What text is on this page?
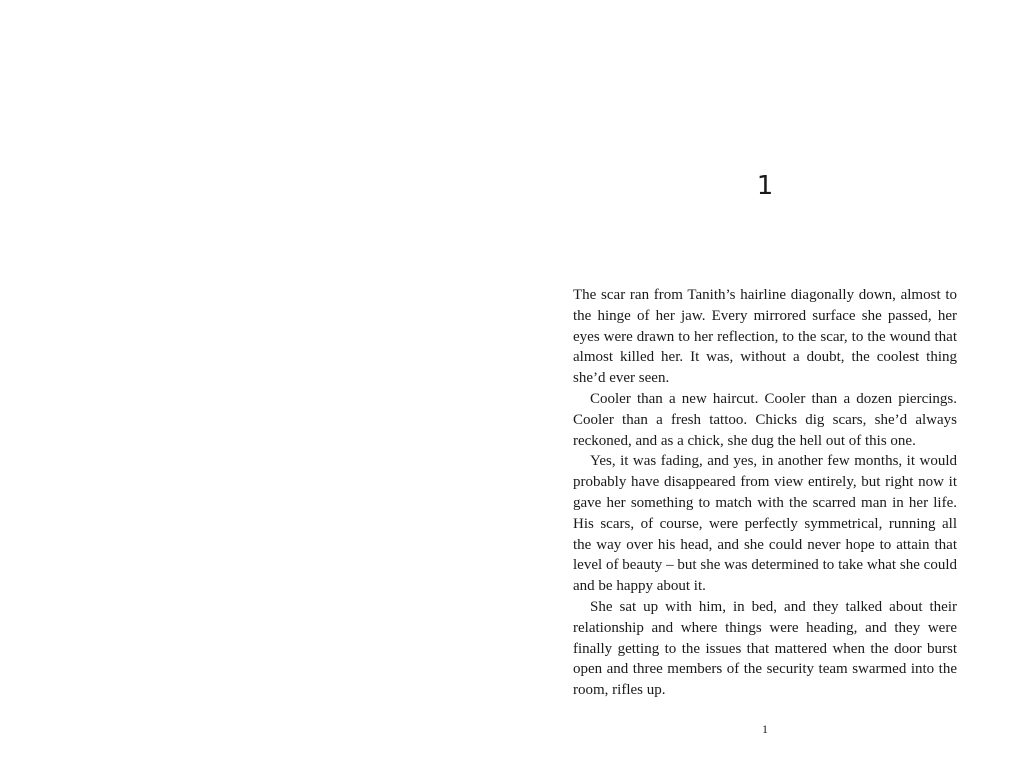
1

The scar ran from Tanith’s hairline diagonally down, almost to the hinge of her jaw. Every mirrored surface she passed, her eyes were drawn to her reflection, to the scar, to the wound that almost killed her. It was, without a doubt, the coolest thing she’d ever seen.

Cooler than a new haircut. Cooler than a dozen piercings. Cooler than a fresh tattoo. Chicks dig scars, she’d always reckoned, and as a chick, she dug the hell out of this one.

Yes, it was fading, and yes, in another few months, it would probably have disappeared from view entirely, but right now it gave her something to match with the scarred man in her life. His scars, of course, were perfectly symmetrical, running all the way over his head, and she could never hope to attain that level of beauty – but she was determined to take what she could and be happy about it.

She sat up with him, in bed, and they talked about their relationship and where things were heading, and they were finally getting to the issues that mattered when the door burst open and three members of the security team swarmed into the room, rifles up.

1
